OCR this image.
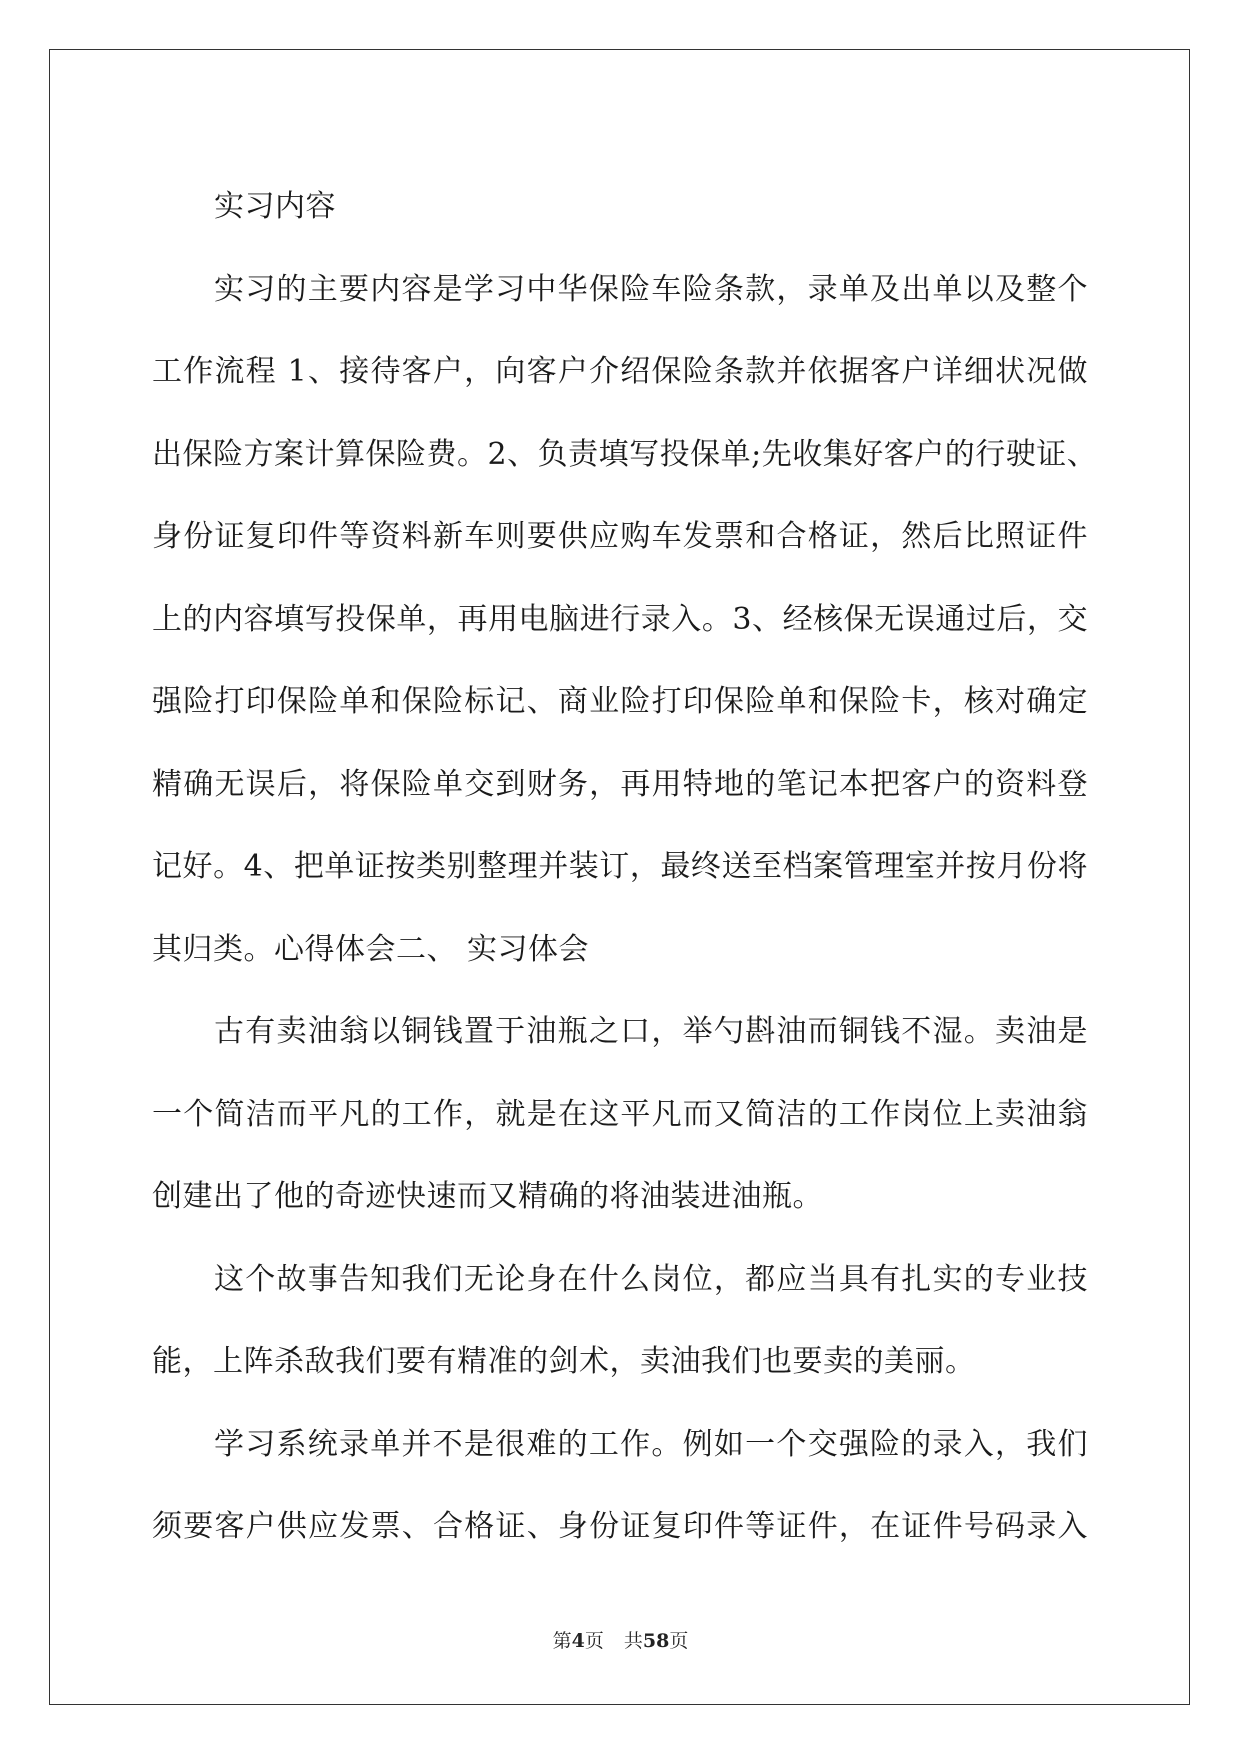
实习内容
实习的主要内容是学习中华保险车险条款，录单及出单以及整个
工作流程 1、接待客户，向客户介绍保险条款并依据客户详细状况做
出保险方案计算保险费。2、负责填写投保单;先收集好客户的行驶证、
身份证复印件等资料新车则要供应购车发票和合格证，然后比照证件
上的内容填写投保单，再用电脑进行录入。3、经核保无误通过后，交
强险打印保险单和保险标记、商业险打印保险单和保险卡，核对确定
精确无误后，将保险单交到财务，再用特地的笔记本把客户的资料登
记好。4、把单证按类别整理并装订，最终送至档案管理室并按月份将
其归类。心得体会二、 实习体会
古有卖油翁以铜钱置于油瓶之口，举勺斟油而铜钱不湿。卖油是
一个简洁而平凡的工作，就是在这平凡而又简洁的工作岗位上卖油翁
创建出了他的奇迹快速而又精确的将油装进油瓶。
这个故事告知我们无论身在什么岗位，都应当具有扎实的专业技
能，上阵杀敌我们要有精准的剑术，卖油我们也要卖的美丽。
学习系统录单并不是很难的工作。例如一个交强险的录入，我们
须要客户供应发票、合格证、身份证复印件等证件，在证件号码录入
第4页 共58页
